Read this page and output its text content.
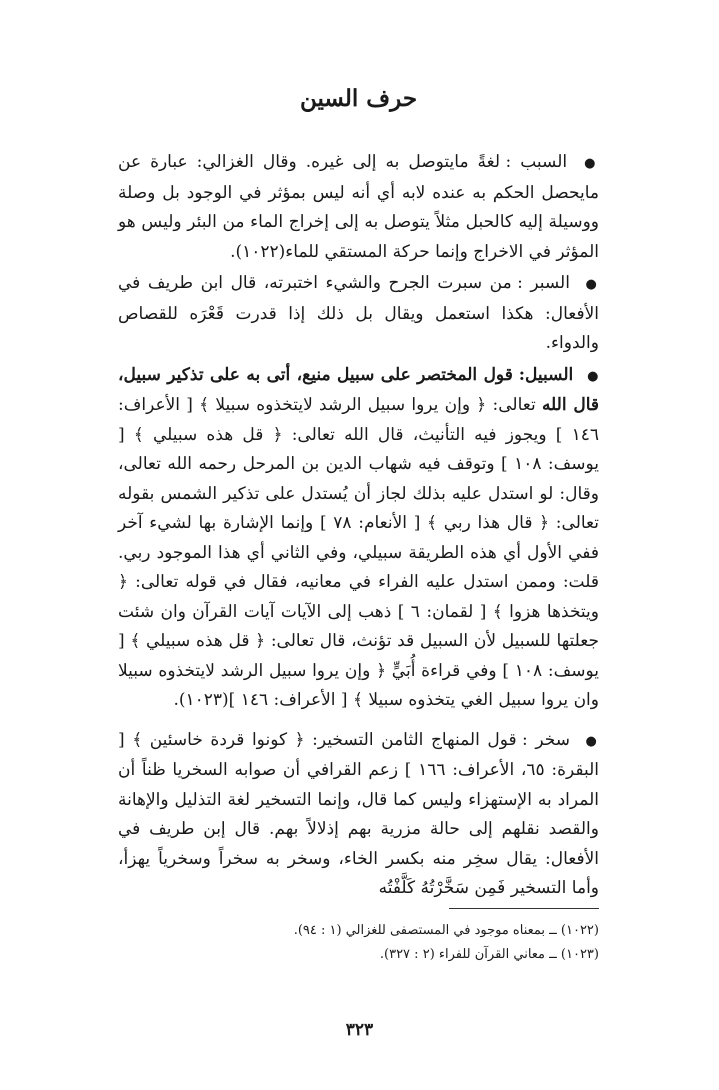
حرف السين

● السبب : لغةً مايتوصل به إلى غيره. وقال الغزالي: عبارة عن مايحصل الحكم به عنده لابه أي أنه ليس بمؤثر في الوجود بل وصلة ووسيلة إليه كالحبل مثلاً يتوصل به إلى إخراج الماء من البئر وليس هو المؤثر في الاخراج وإنما حركة المستقي للماء(١٠٢٢).

● السبر : من سبرت الجرح والشيء اختبرته، قال ابن طريف في الأفعال: هكذا استعمل ويقال بل ذلك إذا قدرت قَعْرَه للقصاص والدواء.

● السبيل: قول المختصر على سبيل منيع، أتى به على تذكير سبيل، قال الله تعالى: ﴿ وإن يروا سبيل الرشد لايتخذوه سبيلا ﴾ [ الأعراف: ١٤٦ ] ويجوز فيه التأنيث، قال الله تعالى: ﴿ قل هذه سبيلي ﴾ [ يوسف: ١٠٨ ] وتوقف فيه شهاب الدين بن المرحل رحمه الله تعالى، وقال: لو استدل عليه بذلك لجاز أن يُستدل على تذكير الشمس بقوله تعالى: ﴿ قال هذا ربي ﴾ [ الأنعام: ٧٨ ] وإنما الإشارة بها لشيء آخر ففي الأول أي هذه الطريقة سبيلي، وفي الثاني أي هذا الموجود ربي. قلت: وممن استدل عليه الفراء في معانيه، فقال في قوله تعالى: ﴿ ويتخذها هزوا ﴾ [ لقمان: ٦ ] ذهب إلى الآيات آيات القرآن وان شئت جعلتها للسبيل لأن السبيل قد تؤنث، قال تعالى: ﴿ قل هذه سبيلي ﴾ [ يوسف: ١٠٨ ] وفي قراءة أُبَيٍّ ﴿ وإن يروا سبيل الرشد لايتخذوه سبيلا وان يروا سبيل الغي يتخذوه سبيلا ﴾ [ الأعراف: ١٤٦ ](١٠٢٣).

● سخر : قول المنهاج الثامن التسخير: ﴿ كونوا قردة خاسئين ﴾ [ البقرة: ٦٥، الأعراف: ١٦٦ ] زعم القرافي أن صوابه السخريا ظناً أن المراد به الإستهزاء وليس كما قال، وإنما التسخير لغة التذليل والإهانة والقصد نقلهم إلى حالة مزرية بهم إذلالاً بهم. قال إبن طريف في الأفعال: يقال سخِر منه بكسر الخاء، وسخر به سخراً وسخرياً يهزأ، وأما التسخير فَمِن سَخَّرْتُهُ كَلَّفْتُه

(١٠٢٢) ــ بمعناه موجود في المستصفى للغزالي (١ : ٩٤).

(١٠٢٣) ــ معاني القرآن للفراء (٢ : ٣٢٧).

٣٢٣
